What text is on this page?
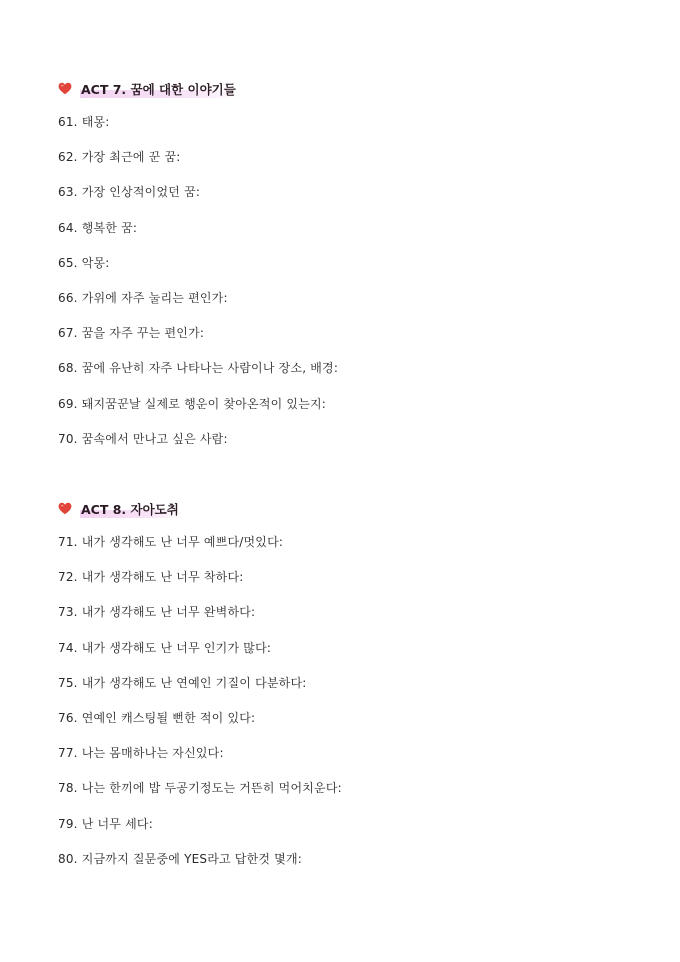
ACT 7. 꿈에 대한 이야기들
61. 태몽:
62. 가장 최근에 꾼 꿈:
63. 가장 인상적이었던 꿈:
64. 행복한 꿈:
65. 악몽:
66. 가위에 자주 눌리는 편인가:
67. 꿈을 자주 꾸는 편인가:
68. 꿈에 유난히 자주 나타나는 사람이나 장소, 배경:
69. 돼지꿈꾼날 실제로 행운이 찾아온적이 있는지:
70. 꿈속에서 만나고 싶은 사람:
ACT 8. 자아도취
71. 내가 생각해도 난 너무 예쁘다/멋있다:
72. 내가 생각해도 난 너무 착하다:
73. 내가 생각해도 난 너무 완벽하다:
74. 내가 생각해도 난 너무 인기가 많다:
75. 내가 생각해도 난 연예인 기질이 다분하다:
76. 연예인 캐스팅될 뻔한 적이 있다:
77. 나는 몸매하나는 자신있다:
78. 나는 한끼에 밥 두공기정도는 거뜬히 먹어치운다:
79. 난 너무 세다:
80. 지금까지 질문중에 YES라고 답한것 몇개:
